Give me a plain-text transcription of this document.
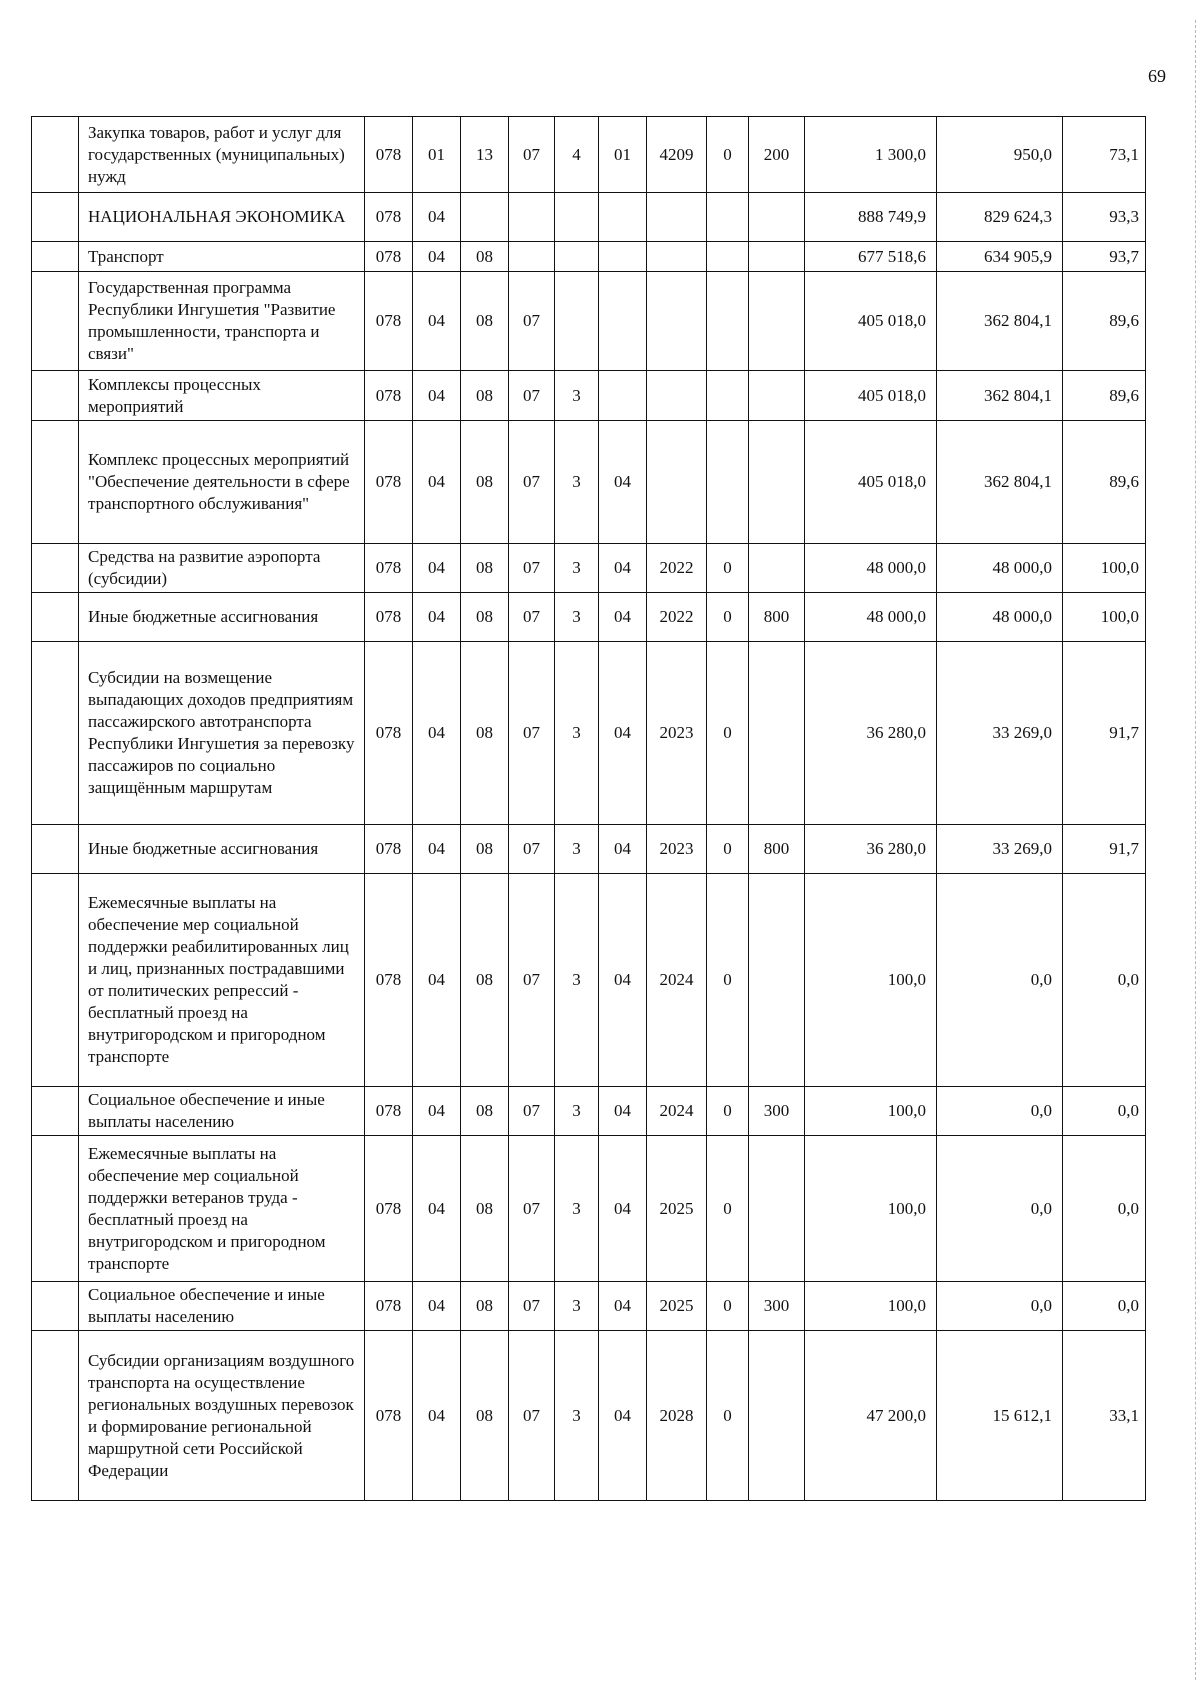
69
	Закупка товаров, работ и услуг для государственных (муниципальных) нужд	078	01	13	07	4	01	4209	0	200	1 300,0	950,0	73,1
	НАЦИОНАЛЬНАЯ ЭКОНОМИКА	078	04								888 749,9	829 624,3	93,3
	Транспорт	078	04	08							677 518,6	634 905,9	93,7
	Государственная программа Республики Ингушетия "Развитие промышленности, транспорта и связи"	078	04	08	07						405 018,0	362 804,1	89,6
	Комплексы процессных мероприятий	078	04	08	07	3					405 018,0	362 804,1	89,6
	Комплекс процессных мероприятий "Обеспечение деятельности в сфере транспортного обслуживания"	078	04	08	07	3	04				405 018,0	362 804,1	89,6
	Средства на развитие аэропорта (субсидии)	078	04	08	07	3	04	2022	0		48 000,0	48 000,0	100,0
	Иные бюджетные ассигнования	078	04	08	07	3	04	2022	0	800	48 000,0	48 000,0	100,0
	Субсидии на возмещение выпадающих доходов предприятиям пассажирского автотранспорта Республики Ингушетия за перевозку пассажиров по социально защищённым маршрутам	078	04	08	07	3	04	2023	0		36 280,0	33 269,0	91,7
	Иные бюджетные ассигнования	078	04	08	07	3	04	2023	0	800	36 280,0	33 269,0	91,7
	Ежемесячные выплаты на обеспечение мер социальной поддержки реабилитированных лиц и лиц, признанных пострадавшими от политических репрессий - бесплатный проезд на внутригородском и пригородном транспорте	078	04	08	07	3	04	2024	0		100,0	0,0	0,0
	Социальное обеспечение и иные выплаты населению	078	04	08	07	3	04	2024	0	300	100,0	0,0	0,0
	Ежемесячные выплаты на обеспечение мер социальной поддержки ветеранов труда - бесплатный проезд на внутригородском и пригородном транспорте	078	04	08	07	3	04	2025	0		100,0	0,0	0,0
	Социальное обеспечение и иные выплаты населению	078	04	08	07	3	04	2025	0	300	100,0	0,0	0,0
	Субсидии организациям воздушного транспорта на осуществление региональных воздушных перевозок и формирование региональной маршрутной сети Российской Федерации	078	04	08	07	3	04	2028	0		47 200,0	15 612,1	33,1
